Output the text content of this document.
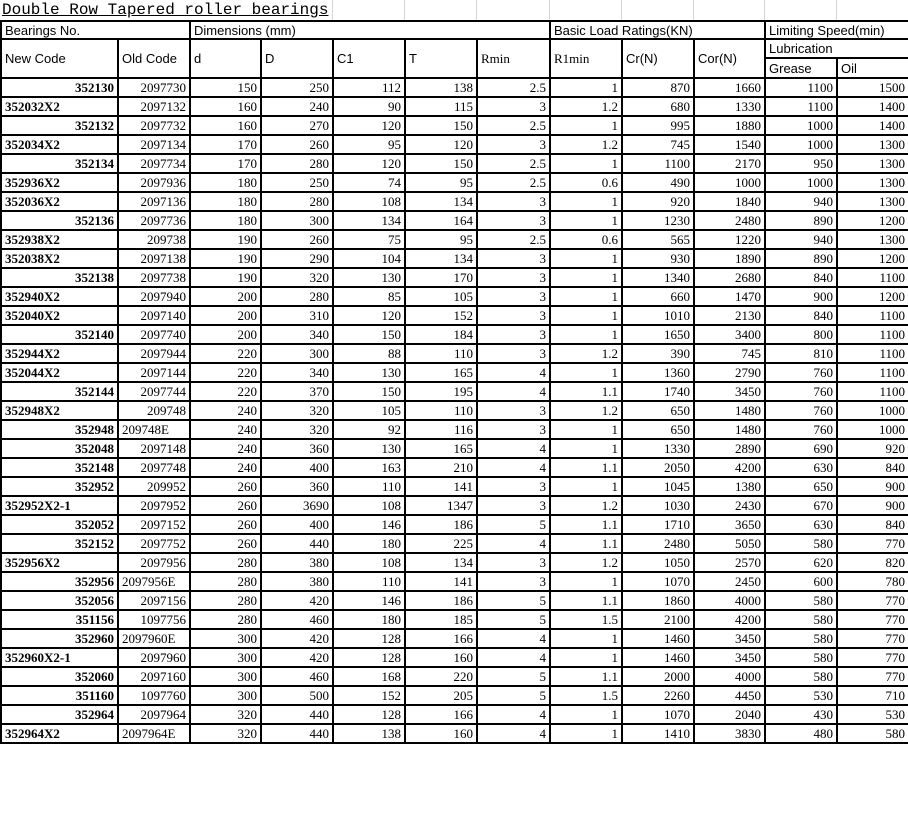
Double Row Tapered roller bearings
Bearings No.		Dimensions (mm)					Basic Load Ratings(KN)			Limiting Speed(min)	
New Code	Old Code	d	D	C1	T	Rmin	R1min	Cr(N)	Cor(N)	Lubrication	
										Grease	Oil
352130	2097730	150	250	112	138	2.5	1	870	1660	1100	1500
352032X2	2097132	160	240	90	115	3	1.2	680	1330	1100	1400
352132	2097732	160	270	120	150	2.5	1	995	1880	1000	1400
352034X2	2097134	170	260	95	120	3	1.2	745	1540	1000	1300
352134	2097734	170	280	120	150	2.5	1	1100	2170	950	1300
352936X2	2097936	180	250	74	95	2.5	0.6	490	1000	1000	1300
352036X2	2097136	180	280	108	134	3	1	920	1840	940	1300
352136	2097736	180	300	134	164	3	1	1230	2480	890	1200
352938X2	209738	190	260	75	95	2.5	0.6	565	1220	940	1300
352038X2	2097138	190	290	104	134	3	1	930	1890	890	1200
352138	2097738	190	320	130	170	3	1	1340	2680	840	1100
352940X2	2097940	200	280	85	105	3	1	660	1470	900	1200
352040X2	2097140	200	310	120	152	3	1	1010	2130	840	1100
352140	2097740	200	340	150	184	3	1	1650	3400	800	1100
352944X2	2097944	220	300	88	110	3	1.2	390	745	810	1100
352044X2	2097144	220	340	130	165	4	1	1360	2790	760	1100
352144	2097744	220	370	150	195	4	1.1	1740	3450	760	1100
352948X2	209748	240	320	105	110	3	1.2	650	1480	760	1000
352948	209748E	240	320	92	116	3	1	650	1480	760	1000
352048	2097148	240	360	130	165	4	1	1330	2890	690	920
352148	2097748	240	400	163	210	4	1.1	2050	4200	630	840
352952	209952	260	360	110	141	3	1	1045	1380	650	900
352952X2-1	2097952	260	3690	108	1347	3	1.2	1030	2430	670	900
352052	2097152	260	400	146	186	5	1.1	1710	3650	630	840
352152	2097752	260	440	180	225	4	1.1	2480	5050	580	770
352956X2	2097956	280	380	108	134	3	1.2	1050	2570	620	820
352956	2097956E	280	380	110	141	3	1	1070	2450	600	780
352056	2097156	280	420	146	186	5	1.1	1860	4000	580	770
351156	1097756	280	460	180	185	5	1.5	2100	4200	580	770
352960	2097960E	300	420	128	166	4	1	1460	3450	580	770
352960X2-1	2097960	300	420	128	160	4	1	1460	3450	580	770
352060	2097160	300	460	168	220	5	1.1	2000	4000	580	770
351160	1097760	300	500	152	205	5	1.5	2260	4450	530	710
352964	2097964	320	440	128	166	4	1	1070	2040	430	530
352964X2	2097964E	320	440	138	160	4	1	1410	3830	480	580
